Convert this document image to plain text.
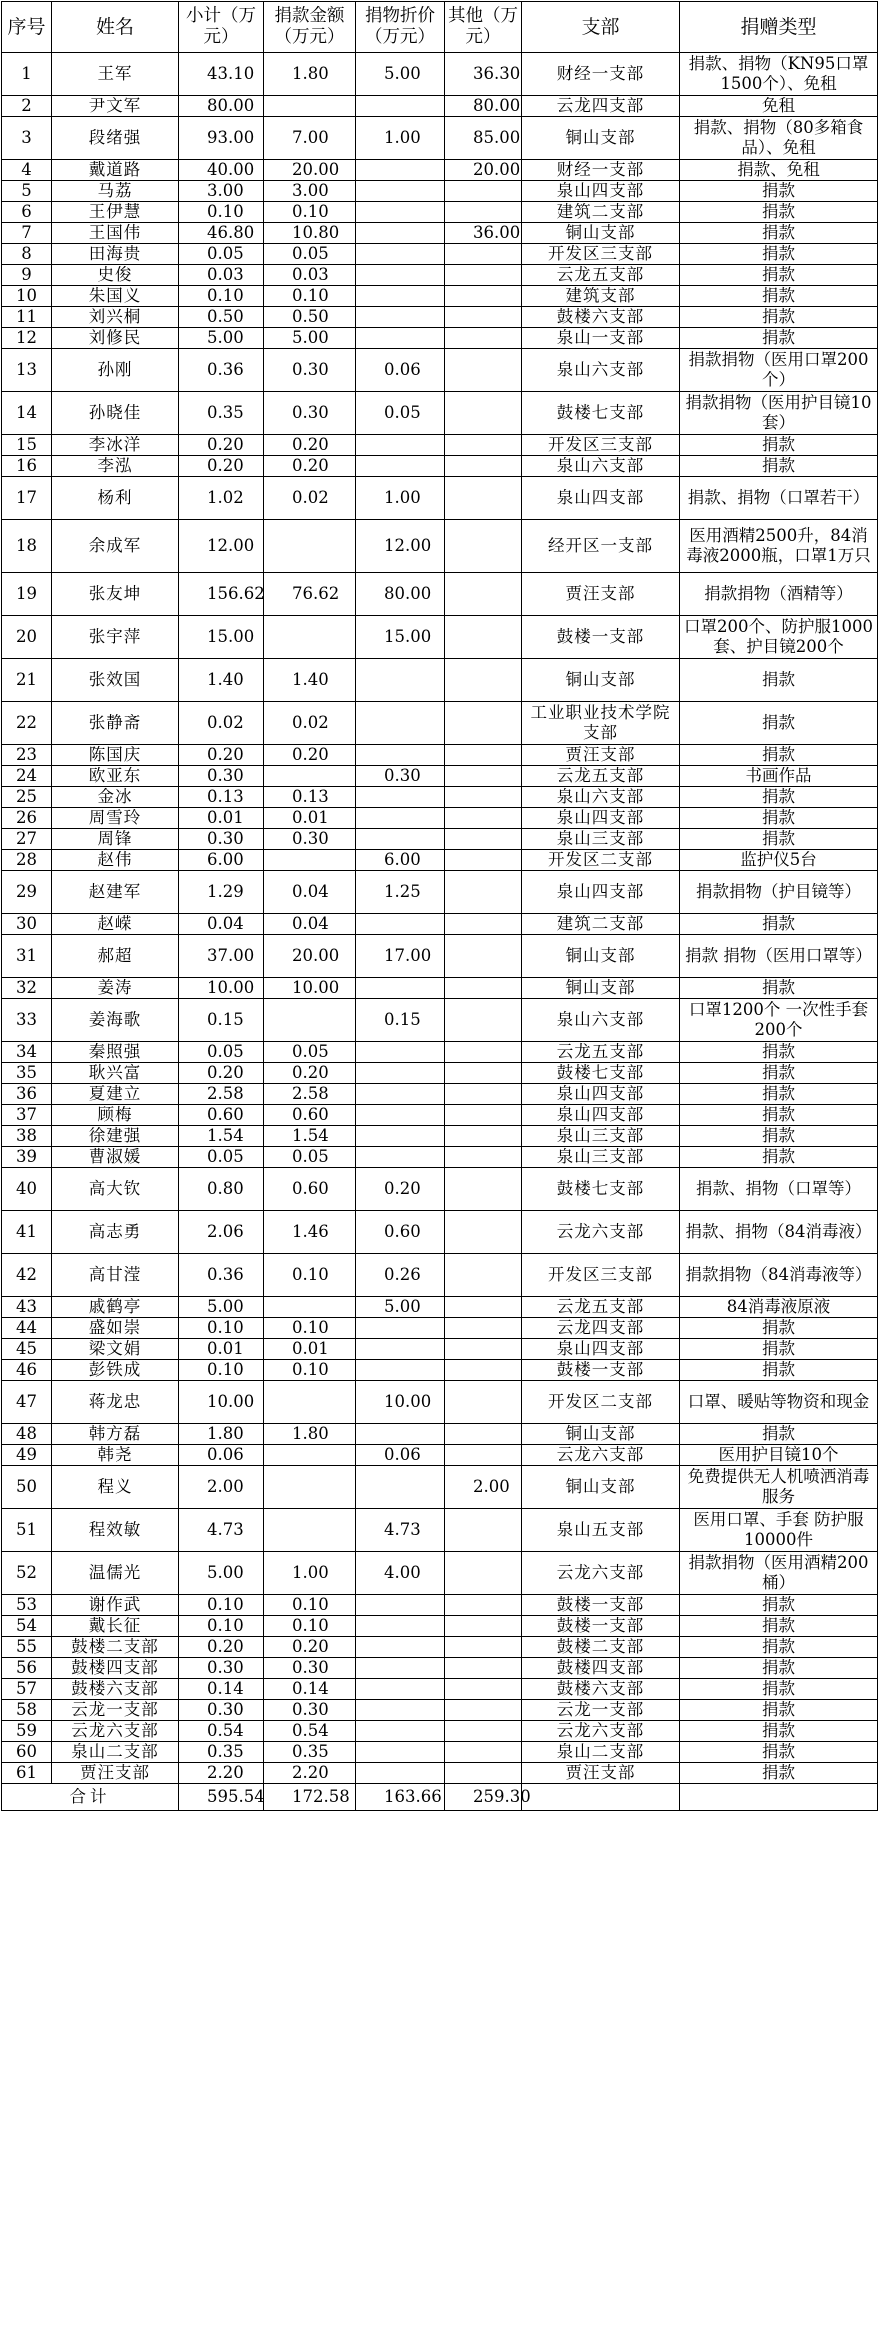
序号	姓名	小计（万元）	捐款金额（万元）	捐物折价（万元）	其他（万元）	支部	捐赠类型
1	王军	43.10	1.80	5.00	36.30	财经一支部	捐款、捐物（KN95口罩1500个）、免租
2	尹文军	80.00			80.00	云龙四支部	免租
3	段绪强	93.00	7.00	1.00	85.00	铜山支部	捐款、捐物（80多箱食品）、免租
4	戴道路	40.00	20.00		20.00	财经一支部	捐款、免租
5	马荔	3.00	3.00			泉山四支部	捐款
6	王伊慧	0.10	0.10			建筑二支部	捐款
7	王国伟	46.80	10.80		36.00	铜山支部	捐款
8	田海贵	0.05	0.05			开发区三支部	捐款
9	史俊	0.03	0.03			云龙五支部	捐款
10	朱国义	0.10	0.10			建筑支部	捐款
11	刘兴桐	0.50	0.50			鼓楼六支部	捐款
12	刘修民	5.00	5.00			泉山一支部	捐款
13	孙刚	0.36	0.30	0.06		泉山六支部	捐款捐物（医用口罩200个）
14	孙晓佳	0.35	0.30	0.05		鼓楼七支部	捐款捐物（医用护目镜10套）
15	李冰洋	0.20	0.20			开发区三支部	捐款
16	李泓	0.20	0.20			泉山六支部	捐款
17	杨利	1.02	0.02	1.00		泉山四支部	捐款、捐物（口罩若干）
18	余成军	12.00		12.00		经开区一支部	医用酒精2500升，84消毒液2000瓶，口罩1万只
19	张友坤	156.62	76.62	80.00		贾汪支部	捐款捐物（酒精等）
20	张宇萍	15.00		15.00		鼓楼一支部	口罩200个、防护服1000套、护目镜200个
21	张效国	1.40	1.40			铜山支部	捐款
22	张静斋	0.02	0.02			工业职业技术学院支部	捐款
23	陈国庆	0.20	0.20			贾汪支部	捐款
24	欧亚东	0.30		0.30		云龙五支部	书画作品
25	金冰	0.13	0.13			泉山六支部	捐款
26	周雪玲	0.01	0.01			泉山四支部	捐款
27	周锋	0.30	0.30			泉山三支部	捐款
28	赵伟	6.00		6.00		开发区二支部	监护仪5台
29	赵建军	1.29	0.04	1.25		泉山四支部	捐款捐物（护目镜等）
30	赵嵘	0.04	0.04			建筑二支部	捐款
31	郝超	37.00	20.00	17.00		铜山支部	捐款 捐物（医用口罩等）
32	姜涛	10.00	10.00			铜山支部	捐款
33	姜海歌	0.15		0.15		泉山六支部	口罩1200个 一次性手套200个
34	秦照强	0.05	0.05			云龙五支部	捐款
35	耿兴富	0.20	0.20			鼓楼七支部	捐款
36	夏建立	2.58	2.58			泉山四支部	捐款
37	顾梅	0.60	0.60			泉山四支部	捐款
38	徐建强	1.54	1.54			泉山三支部	捐款
39	曹淑媛	0.05	0.05			泉山三支部	捐款
40	高大钦	0.80	0.60	0.20		鼓楼七支部	捐款、捐物（口罩等）
41	高志勇	2.06	1.46	0.60		云龙六支部	捐款、捐物（84消毒液）
42	高甘滢	0.36	0.10	0.26		开发区三支部	捐款捐物（84消毒液等）
43	戚鹤亭	5.00		5.00		云龙五支部	84消毒液原液
44	盛如崇	0.10	0.10			云龙四支部	捐款
45	梁文娟	0.01	0.01			泉山四支部	捐款
46	彭铁成	0.10	0.10			鼓楼一支部	捐款
47	蒋龙忠	10.00		10.00		开发区二支部	口罩、暖贴等物资和现金
48	韩方磊	1.80	1.80			铜山支部	捐款
49	韩尧	0.06		0.06		云龙六支部	医用护目镜10个
50	程义	2.00			2.00	铜山支部	免费提供无人机喷洒消毒服务
51	程效敏	4.73		4.73		泉山五支部	医用口罩、手套 防护服10000件
52	温儒光	5.00	1.00	4.00		云龙六支部	捐款捐物（医用酒精200桶）
53	谢作武	0.10	0.10			鼓楼一支部	捐款
54	戴长征	0.10	0.10			鼓楼一支部	捐款
55	鼓楼二支部	0.20	0.20			鼓楼二支部	捐款
56	鼓楼四支部	0.30	0.30			鼓楼四支部	捐款
57	鼓楼六支部	0.14	0.14			鼓楼六支部	捐款
58	云龙一支部	0.30	0.30			云龙一支部	捐款
59	云龙六支部	0.54	0.54			云龙六支部	捐款
60	泉山二支部	0.35	0.35			泉山二支部	捐款
61	贾汪支部	2.20	2.20			贾汪支部	捐款
合计		595.54	172.58	163.66	259.30		
